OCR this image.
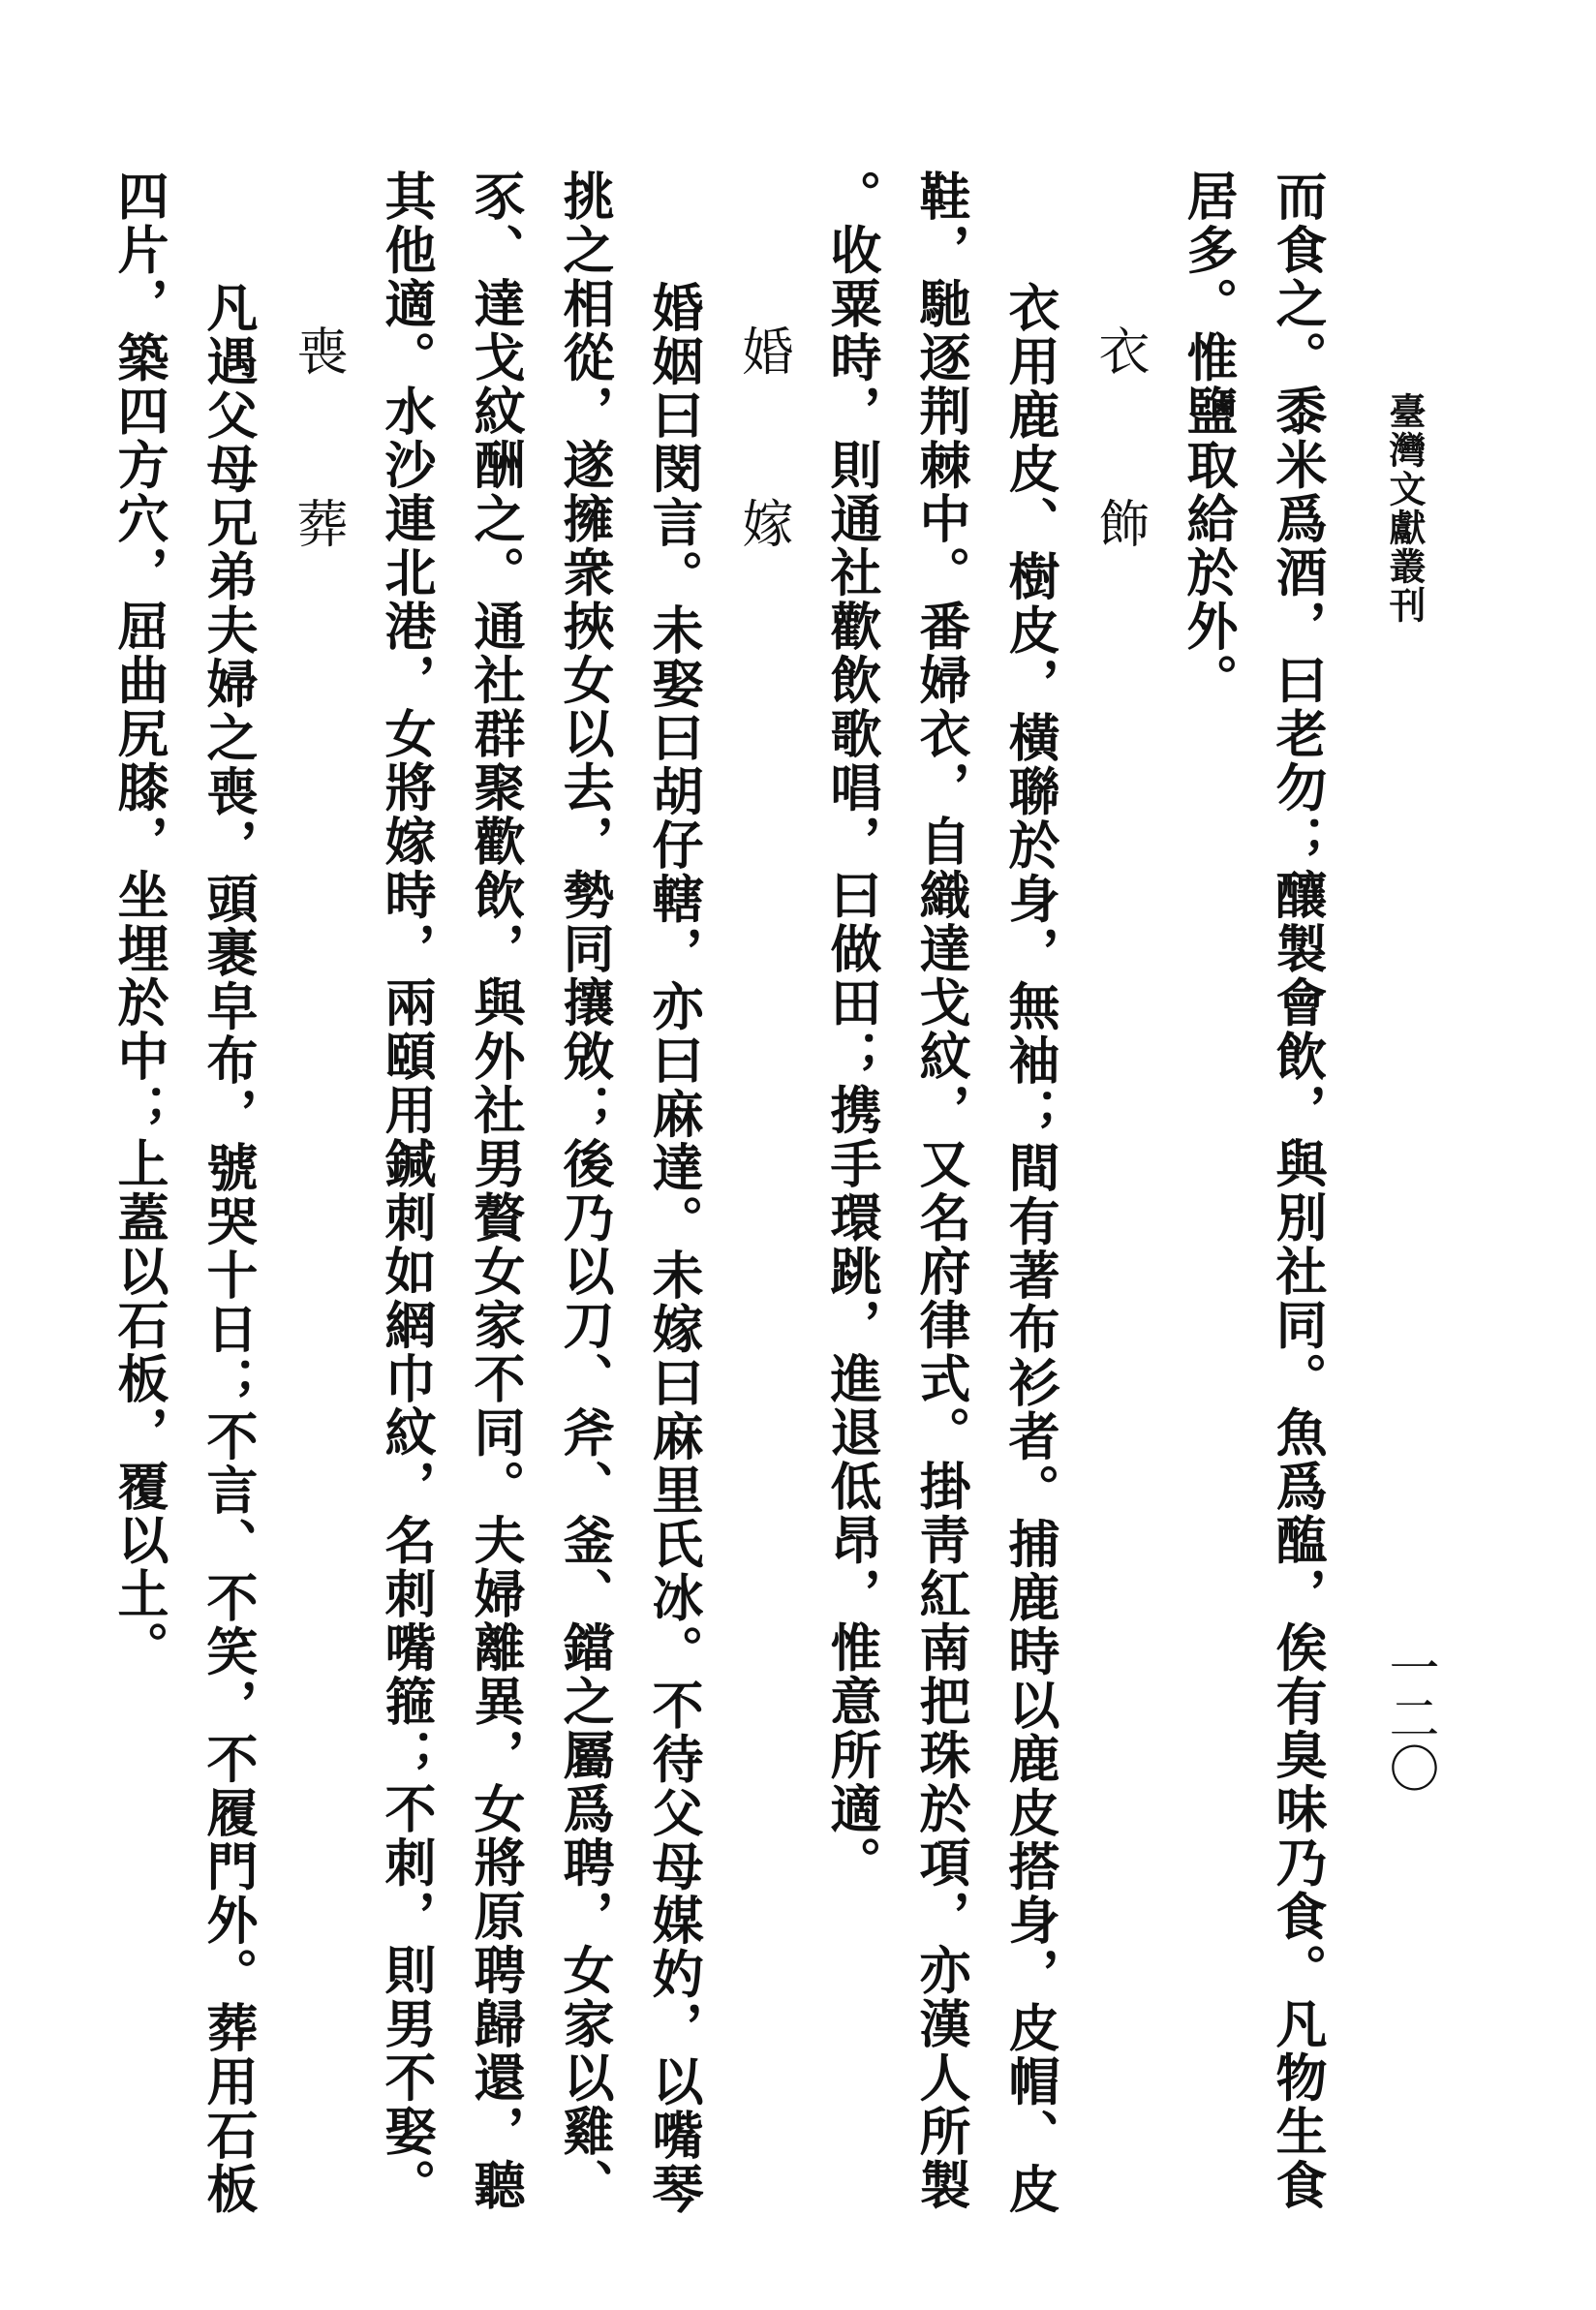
臺灣文獻叢刊
一二〇
而食之。黍米爲酒，曰老勿；釀製會飲，與別社同。魚爲醢，俟有臭味乃食。凡物生食
居多。惟鹽取給於外。
衣　飾
衣用鹿皮、樹皮，橫聯於身，無袖；間有著布衫者。捕鹿時以鹿皮搭身，皮帽、皮
鞋，馳逐荆棘中。番婦衣，自織達戈紋，又名府律式。掛靑紅南把珠於項，亦漢人所製
。收粟時，則通社歡飲歌唱，曰做田；携手環跳，進退低昂，惟意所適。
婚　嫁
婚姻曰閔言。未娶曰胡仔轄，亦曰麻達。未嫁曰麻里氏冰。不待父母媒妁，以嘴琴
挑之相從，遂擁衆挾女以去，勢同攘敓；後乃以刀、斧、釜、鐺之屬爲聘，女家以雞、
豕、達戈紋酬之。通社群聚歡飲，與外社男贅女家不同。夫婦離異，女將原聘歸還，聽
其他適。水沙連北港，女將嫁時，兩頤用鍼刺如網巾紋，名刺嘴箍；不刺，則男不娶。
喪　葬
凡遇父母兄弟夫婦之喪，頭裹皁布，號哭十日；不言、不笑，不履門外。葬用石板
四片，築四方穴，屈曲尻膝，坐埋於中；上蓋以石板，覆以土。
